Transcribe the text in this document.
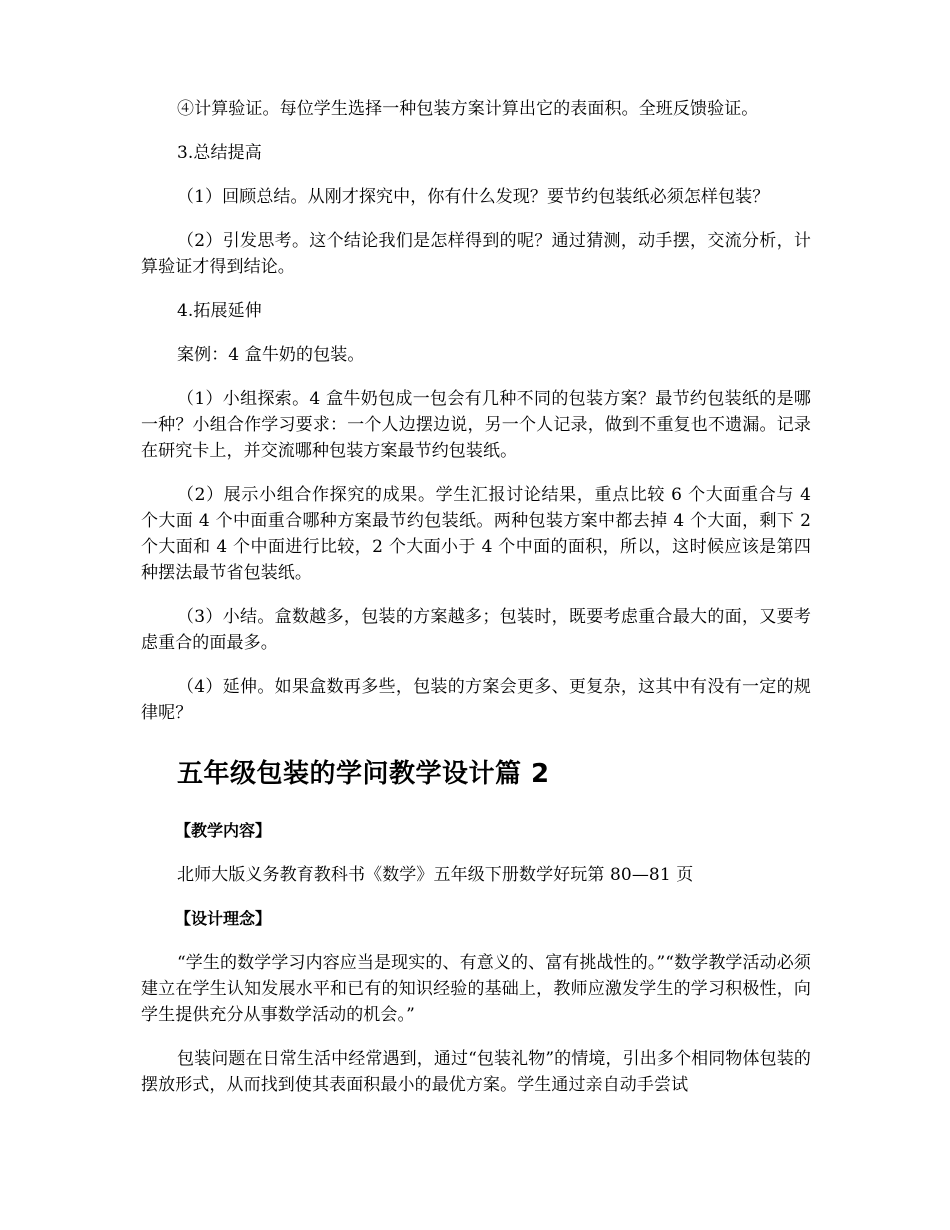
④计算验证。每位学生选择一种包装方案计算出它的表面积。全班反馈验证。

3.总结提高

（1）回顾总结。从刚才探究中，你有什么发现？要节约包装纸必须怎样包装？

（2）引发思考。这个结论我们是怎样得到的呢？通过猜测，动手摆，交流分析，计算验证才得到结论。

4.拓展延伸

案例：4 盒牛奶的包装。

（1）小组探索。4 盒牛奶包成一包会有几种不同的包装方案？最节约包装纸的是哪一种？小组合作学习要求：一个人边摆边说，另一个人记录，做到不重复也不遗漏。记录在研究卡上，并交流哪种包装方案最节约包装纸。

（2）展示小组合作探究的成果。学生汇报讨论结果，重点比较 6 个大面重合与 4 个大面 4 个中面重合哪种方案最节约包装纸。两种包装方案中都去掉 4 个大面，剩下 2 个大面和 4 个中面进行比较，2 个大面小于 4 个中面的面积，所以，这时候应该是第四种摆法最节省包装纸。

（3）小结。盒数越多，包装的方案越多；包装时，既要考虑重合最大的面，又要考虑重合的面最多。

（4）延伸。如果盒数再多些，包装的方案会更多、更复杂，这其中有没有一定的规律呢？

五年级包装的学问教学设计篇 2
【教学内容】

北师大版义务教育教科书《数学》五年级下册数学好玩第 80—81 页

【设计理念】

“学生的数学学习内容应当是现实的、有意义的、富有挑战性的。”“数学教学活动必须建立在学生认知发展水平和已有的知识经验的基础上，教师应激发学生的学习积极性，向学生提供充分从事数学活动的机会。”

包装问题在日常生活中经常遇到，通过“包装礼物”的情境，引出多个相同物体包装的摆放形式，从而找到使其表面积最小的最优方案。学生通过亲自动手尝试
